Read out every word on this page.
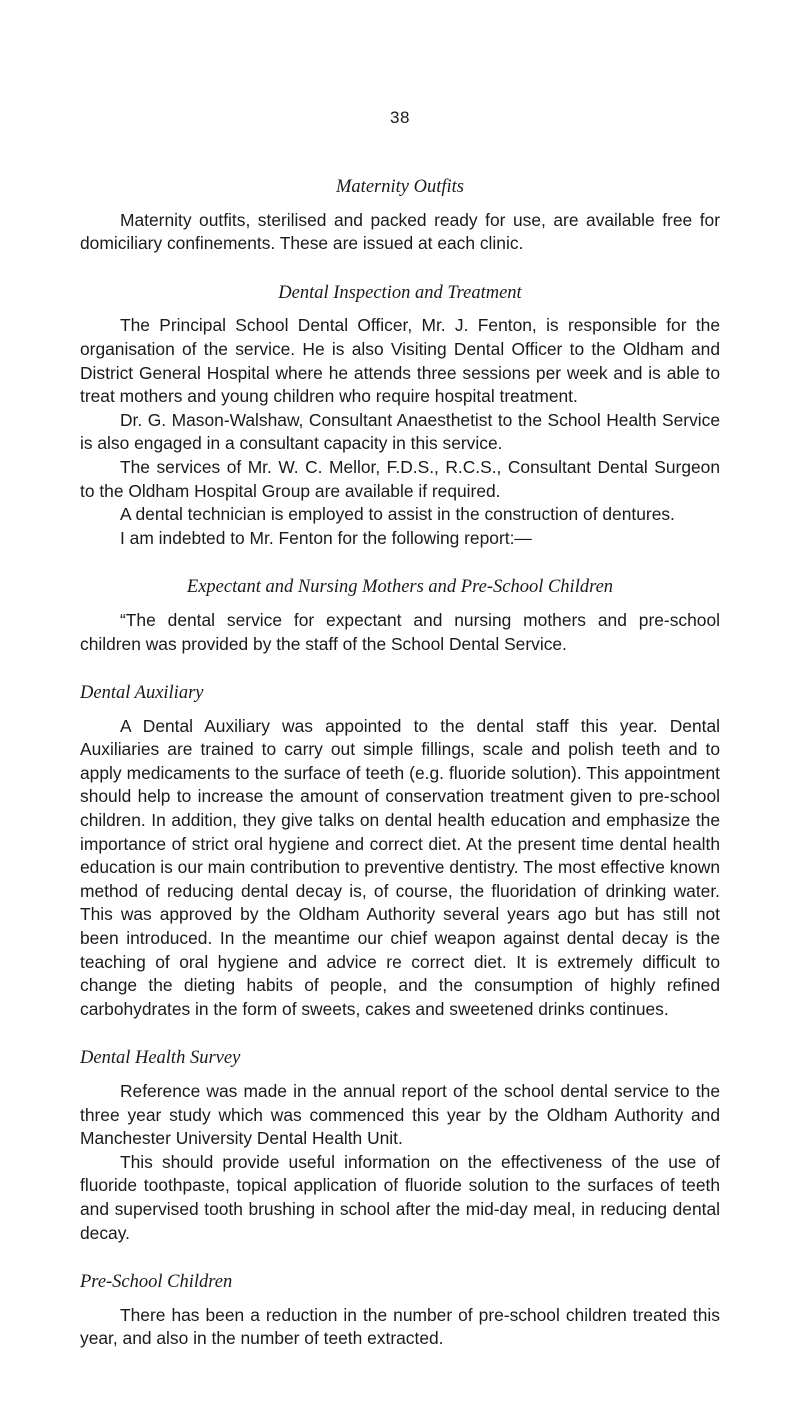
38
Maternity Outfits

Maternity outfits, sterilised and packed ready for use, are available free for domiciliary confinements. These are issued at each clinic.

Dental Inspection and Treatment

The Principal School Dental Officer, Mr. J. Fenton, is responsible for the organisation of the service. He is also Visiting Dental Officer to the Oldham and District General Hospital where he attends three sessions per week and is able to treat mothers and young children who require hospital treatment.

Dr. G. Mason-Walshaw, Consultant Anaesthetist to the School Health Service is also engaged in a consultant capacity in this service.

The services of Mr. W. C. Mellor, F.D.S., R.C.S., Consultant Dental Surgeon to the Oldham Hospital Group are available if required.

A dental technician is employed to assist in the construction of dentures.

I am indebted to Mr. Fenton for the following report:—

Expectant and Nursing Mothers and Pre-School Children

“The dental service for expectant and nursing mothers and pre-school children was provided by the staff of the School Dental Service.

Dental Auxiliary

A Dental Auxiliary was appointed to the dental staff this year. Dental Auxiliaries are trained to carry out simple fillings, scale and polish teeth and to apply medicaments to the surface of teeth (e.g. fluoride solution). This appointment should help to increase the amount of conservation treatment given to pre-school children. In addition, they give talks on dental health education and emphasize the importance of strict oral hygiene and correct diet. At the present time dental health education is our main contribution to preventive dentistry. The most effective known method of reducing dental decay is, of course, the fluoridation of drinking water. This was approved by the Oldham Authority several years ago but has still not been introduced. In the meantime our chief weapon against dental decay is the teaching of oral hygiene and advice re correct diet. It is extremely difficult to change the dieting habits of people, and the consumption of highly refined carbohydrates in the form of sweets, cakes and sweetened drinks continues.

Dental Health Survey

Reference was made in the annual report of the school dental service to the three year study which was commenced this year by the Oldham Authority and Manchester University Dental Health Unit.

This should provide useful information on the effectiveness of the use of fluoride toothpaste, topical application of fluoride solution to the surfaces of teeth and supervised tooth brushing in school after the mid-day meal, in reducing dental decay.

Pre-School Children

There has been a reduction in the number of pre-school children treated this year, and also in the number of teeth extracted.
